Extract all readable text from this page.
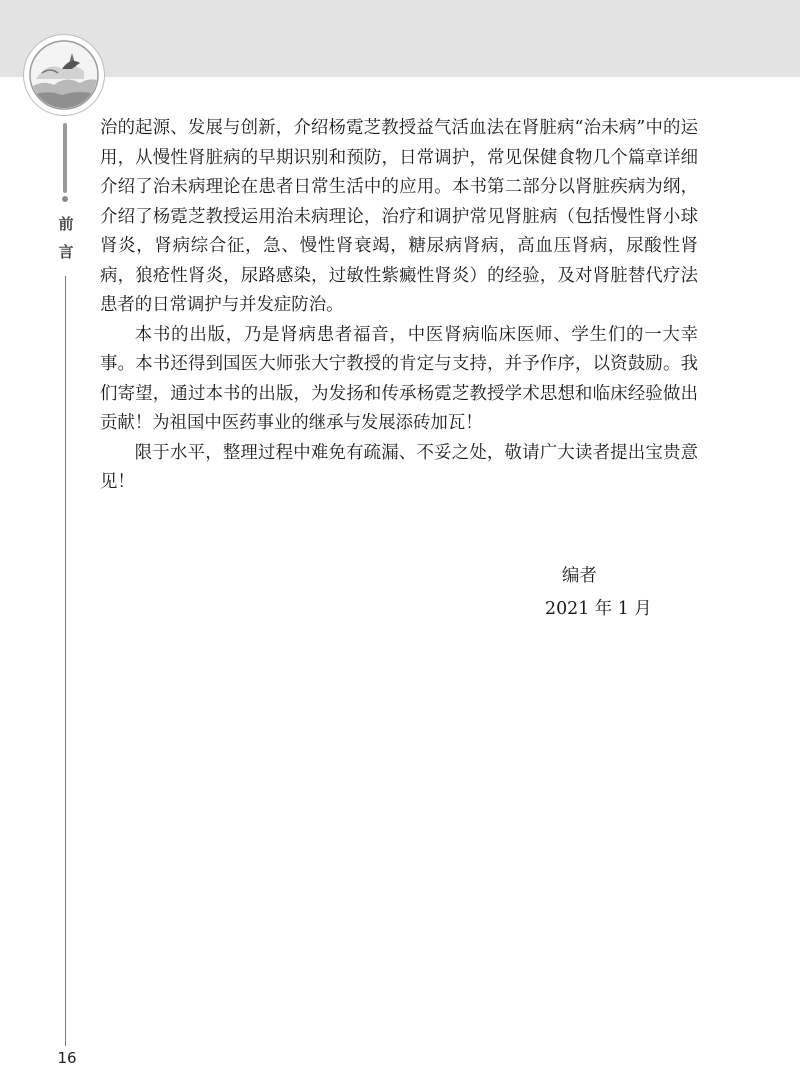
前
言
16

治的起源、发展与创新，介绍杨霓芝教授益气活血法在肾脏病“治未病”中的运用，从慢性肾脏病的早期识别和预防，日常调护，常见保健食物几个篇章详细介绍了治未病理论在患者日常生活中的应用。本书第二部分以肾脏疾病为纲，介绍了杨霓芝教授运用治未病理论，治疗和调护常见肾脏病（包括慢性肾小球肾炎，肾病综合征，急、慢性肾衰竭，糖尿病肾病，高血压肾病，尿酸性肾病，狼疮性肾炎，尿路感染，过敏性紫癜性肾炎）的经验，及对肾脏替代疗法患者的日常调护与并发症防治。

本书的出版，乃是肾病患者福音，中医肾病临床医师、学生们的一大幸事。本书还得到国医大师张大宁教授的肯定与支持，并予作序，以资鼓励。我们寄望，通过本书的出版，为发扬和传承杨霓芝教授学术思想和临床经验做出贡献！为祖国中医药事业的继承与发展添砖加瓦！

限于水平，整理过程中难免有疏漏、不妥之处，敬请广大读者提出宝贵意见！

编者
2021 年 1 月
